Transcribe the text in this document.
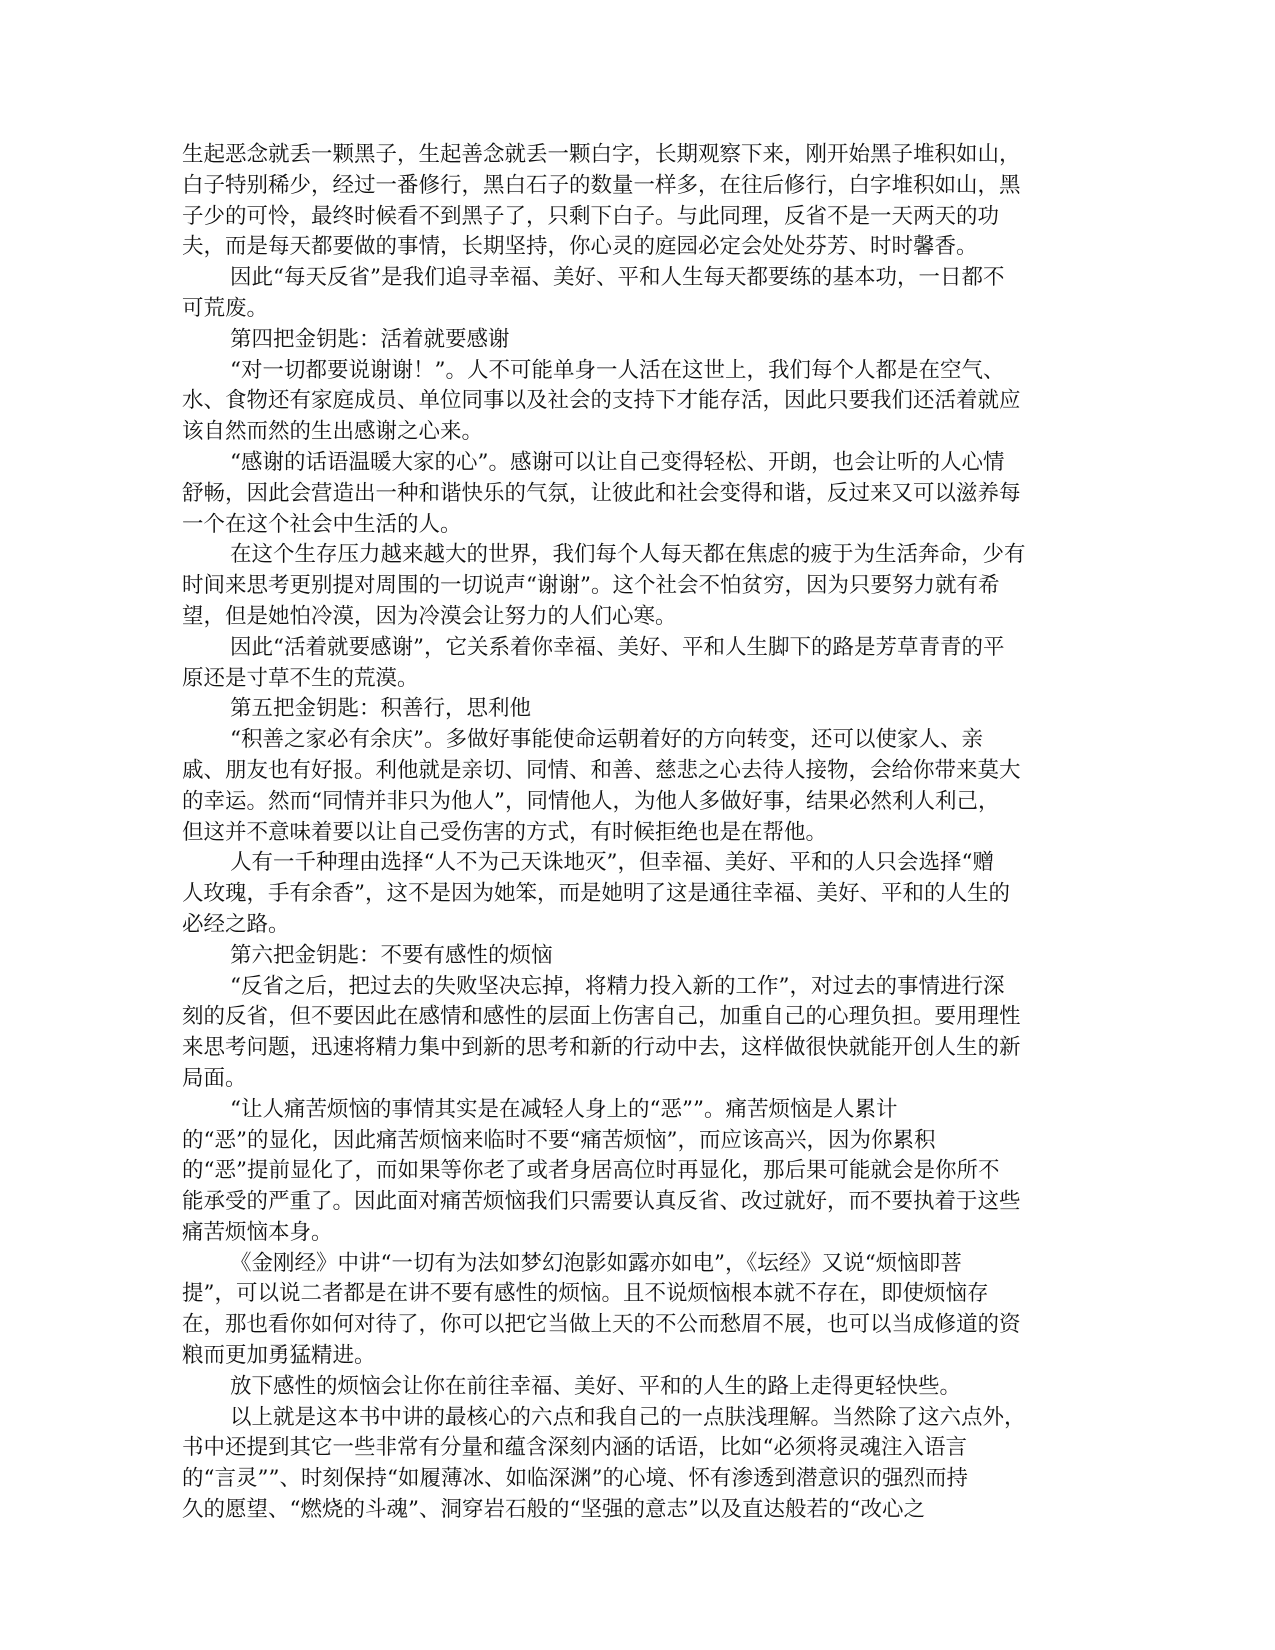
生起恶念就丢一颗黑子，生起善念就丢一颗白字，长期观察下来，刚开始黑子堆积如山，

白子特别稀少，经过一番修行，黑白石子的数量一样多，在往后修行，白字堆积如山，黑

子少的可怜，最终时候看不到黑子了，只剩下白子。与此同理，反省不是一天两天的功

夫，而是每天都要做的事情，长期坚持，你心灵的庭园必定会处处芬芳、时时馨香。

因此“每天反省”是我们追寻幸福、美好、平和人生每天都要练的基本功，一日都不

可荒废。

第四把金钥匙：活着就要感谢

“对一切都要说谢谢！”。人不可能单身一人活在这世上，我们每个人都是在空气、

水、食物还有家庭成员、单位同事以及社会的支持下才能存活，因此只要我们还活着就应

该自然而然的生出感谢之心来。

“感谢的话语温暖大家的心”。感谢可以让自己变得轻松、开朗，也会让听的人心情

舒畅，因此会营造出一种和谐快乐的气氛，让彼此和社会变得和谐，反过来又可以滋养每

一个在这个社会中生活的人。

在这个生存压力越来越大的世界，我们每个人每天都在焦虑的疲于为生活奔命，少有

时间来思考更别提对周围的一切说声“谢谢”。这个社会不怕贫穷，因为只要努力就有希

望，但是她怕冷漠，因为冷漠会让努力的人们心寒。

因此“活着就要感谢”，它关系着你幸福、美好、平和人生脚下的路是芳草青青的平

原还是寸草不生的荒漠。

第五把金钥匙：积善行，思利他

“积善之家必有余庆”。多做好事能使命运朝着好的方向转变，还可以使家人、亲

戚、朋友也有好报。利他就是亲切、同情、和善、慈悲之心去待人接物，会给你带来莫大

的幸运。然而“同情并非只为他人”，同情他人，为他人多做好事，结果必然利人利己，

但这并不意味着要以让自己受伤害的方式，有时候拒绝也是在帮他。

人有一千种理由选择“人不为己天诛地灭”，但幸福、美好、平和的人只会选择“赠

人玫瑰，手有余香”，这不是因为她笨，而是她明了这是通往幸福、美好、平和的人生的

必经之路。

第六把金钥匙：不要有感性的烦恼

“反省之后，把过去的失败坚决忘掉，将精力投入新的工作”，对过去的事情进行深

刻的反省，但不要因此在感情和感性的层面上伤害自己，加重自己的心理负担。要用理性

来思考问题，迅速将精力集中到新的思考和新的行动中去，这样做很快就能开创人生的新

局面。

“让人痛苦烦恼的事情其实是在减轻人身上的“恶””。痛苦烦恼是人累计

的“恶”的显化，因此痛苦烦恼来临时不要“痛苦烦恼”，而应该高兴，因为你累积

的“恶”提前显化了，而如果等你老了或者身居高位时再显化，那后果可能就会是你所不

能承受的严重了。因此面对痛苦烦恼我们只需要认真反省、改过就好，而不要执着于这些

痛苦烦恼本身。

《金刚经》中讲“一切有为法如梦幻泡影如露亦如电”，《坛经》又说“烦恼即菩

提”，可以说二者都是在讲不要有感性的烦恼。且不说烦恼根本就不存在，即使烦恼存

在，那也看你如何对待了，你可以把它当做上天的不公而愁眉不展，也可以当成修道的资

粮而更加勇猛精进。

放下感性的烦恼会让你在前往幸福、美好、平和的人生的路上走得更轻快些。

以上就是这本书中讲的最核心的六点和我自己的一点肤浅理解。当然除了这六点外，

书中还提到其它一些非常有分量和蕴含深刻内涵的话语，比如“必须将灵魂注入语言

的“言灵””、时刻保持“如履薄冰、如临深渊”的心境、怀有渗透到潜意识的强烈而持

久的愿望、“燃烧的斗魂”、洞穿岩石般的“坚强的意志”以及直达般若的“改心之
